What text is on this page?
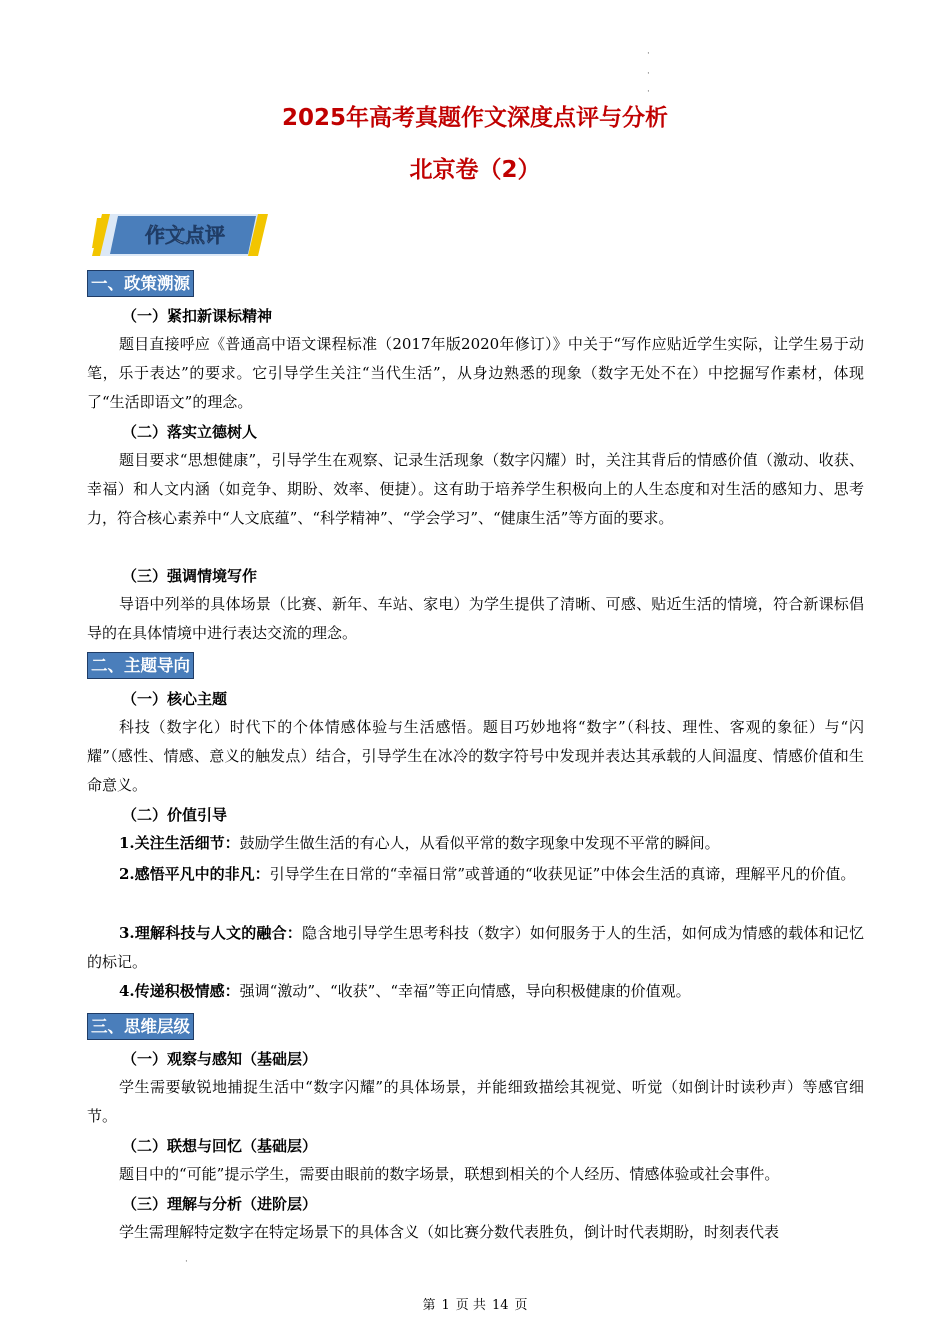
·
·
·
2025年高考真题作文深度点评与分析
北京卷（2）
作文点评
一、政策溯源
（一）紧扣新课标精神
题目直接呼应《普通高中语文课程标准（2017年版2020年修订）》中关于“写作应贴近学生实际，让学生易于动笔，乐于表达”的要求。它引导学生关注“当代生活”，从身边熟悉的现象（数字无处不在）中挖掘写作素材，体现了“生活即语文”的理念。
（二）落实立德树人
题目要求“思想健康”，引导学生在观察、记录生活现象（数字闪耀）时，关注其背后的情感价值（激动、收获、幸福）和人文内涵（如竞争、期盼、效率、便捷）。这有助于培养学生积极向上的人生态度和对生活的感知力、思考力，符合核心素养中“人文底蕴”、“科学精神”、“学会学习”、“健康生活”等方面的要求。
（三）强调情境写作
导语中列举的具体场景（比赛、新年、车站、家电）为学生提供了清晰、可感、贴近生活的情境，符合新课标倡导的在具体情境中进行表达交流的理念。
二、主题导向
（一）核心主题
科技（数字化）时代下的个体情感体验与生活感悟。题目巧妙地将“数字”（科技、理性、客观的象征）与“闪耀”（感性、情感、意义的触发点）结合，引导学生在冰冷的数字符号中发现并表达其承载的人间温度、情感价值和生命意义。
（二）价值引导
1.关注生活细节：鼓励学生做生活的有心人，从看似平常的数字现象中发现不平常的瞬间。
2.感悟平凡中的非凡：引导学生在日常的“幸福日常”或普通的“收获见证”中体会生活的真谛，理解平凡的价值。
3.理解科技与人文的融合：隐含地引导学生思考科技（数字）如何服务于人的生活，如何成为情感的载体和记忆的标记。
4.传递积极情感：强调“激动”、“收获”、“幸福”等正向情感，导向积极健康的价值观。
三、思维层级
（一）观察与感知（基础层）
学生需要敏锐地捕捉生活中“数字闪耀”的具体场景，并能细致描绘其视觉、听觉（如倒计时读秒声）等感官细节。
（二）联想与回忆（基础层）
题目中的“可能”提示学生，需要由眼前的数字场景，联想到相关的个人经历、情感体验或社会事件。
（三）理解与分析（进阶层）
学生需理解特定数字在特定场景下的具体含义（如比赛分数代表胜负，倒计时代表期盼，时刻表代表
·
第 1 页 共 14 页
